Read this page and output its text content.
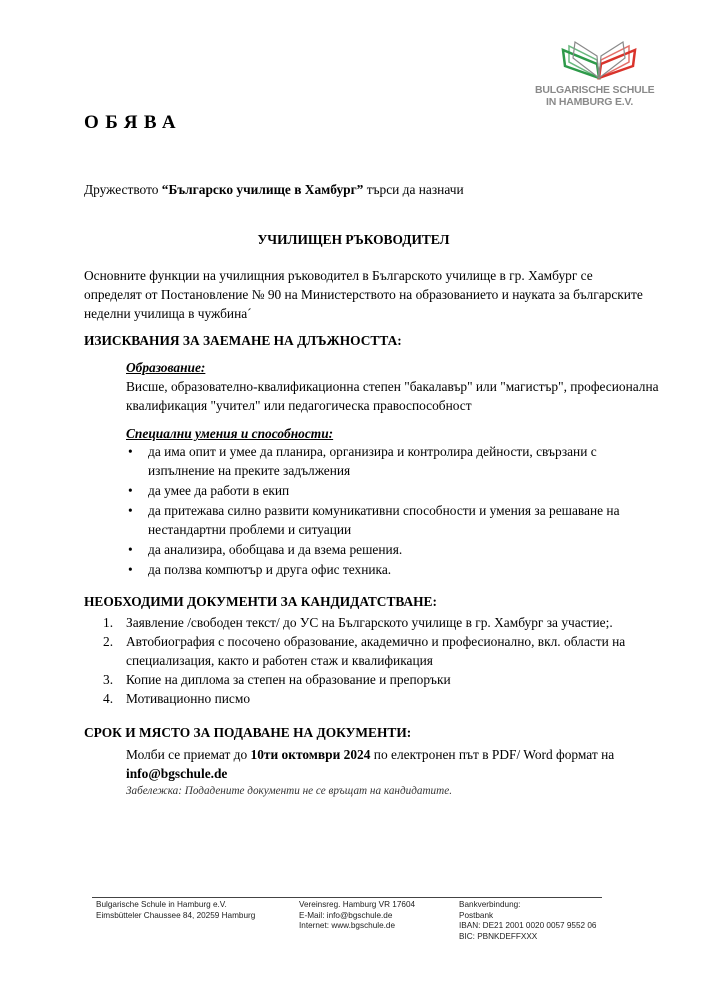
BULGARISCHE SCHULE
IN HAMBURG E.V.
ОБЯВА
Дружеството “Българско училище в Хамбург” търси да назначи
УЧИЛИЩЕН РЪКОВОДИТЕЛ
Основните функции на училищния ръководител в Българското училище в гр. Хамбург се определят от Постановление № 90 на Министерството на образованието и науката за българските неделни училища в чужбина´
ИЗИСКВАНИЯ ЗА ЗАЕМАНЕ НА ДЛЪЖНОСТТА:
Образование:
Висше, образователно-квалификационна степен "бакалавър" или "магистър", професионална квалификация "учител" или педагогическа правоспособност
Специални умения и способности:
• да има опит и умее да планира, организира и контролира дейности, свързани с изпълнение на преките задължения
• да умее да работи в екип
• да притежава силно развити комуникативни способности и умения за решаване на нестандартни проблеми и ситуации
• да анализира, обобщава и да взема решения.
• да ползва компютър и друга офис техника.
НЕОБХОДИМИ ДОКУМЕНТИ ЗА КАНДИДАТСТВАНЕ:
1. Заявление /свободен текст/ до УС на Българското училище в гр. Хамбург за участие;.
2. Автобиография с посочено образование, академично и професионално, вкл. области на специализация, както и работен стаж и квалификация
3. Копие на диплома за степен на образование и препоръки
4. Мотивационно писмо
СРОК И МЯСТО ЗА ПОДАВАНЕ НА ДОКУМЕНТИ:
Молби се приемат до 10ти октомври 2024 по електронен път в PDF/ Word формат на
info@bgschule.de
Забележка: Подадените документи не се връщат на кандидатите.
Bulgarische Schule in Hamburg e.V.
Eimsbütteler Chaussee 84, 20259 Hamburg
Vereinsreg. Hamburg VR 17604
E-Mail: info@bgschule.de
Internet: www.bgschule.de
Bankverbindung:
Postbank
IBAN: DE21 2001 0020 0057 9552 06
BIC: PBNKDEFFXXX
